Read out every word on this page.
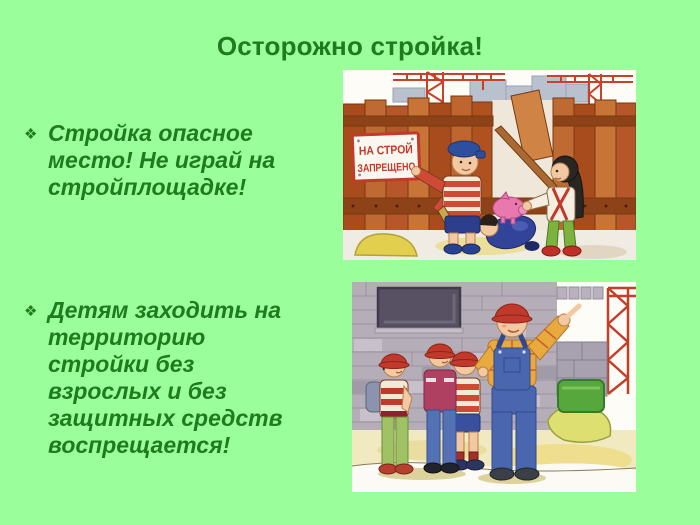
Осторожно стройка!
❖ Стройка опасное
место! Не играй на
стройплощадке!
❖ Детям заходить на
территорию
стройки без
взрослых и без
защитных средств
воспрещается!
НА СТРОЙ
ЗАПРЕЩЕНО
